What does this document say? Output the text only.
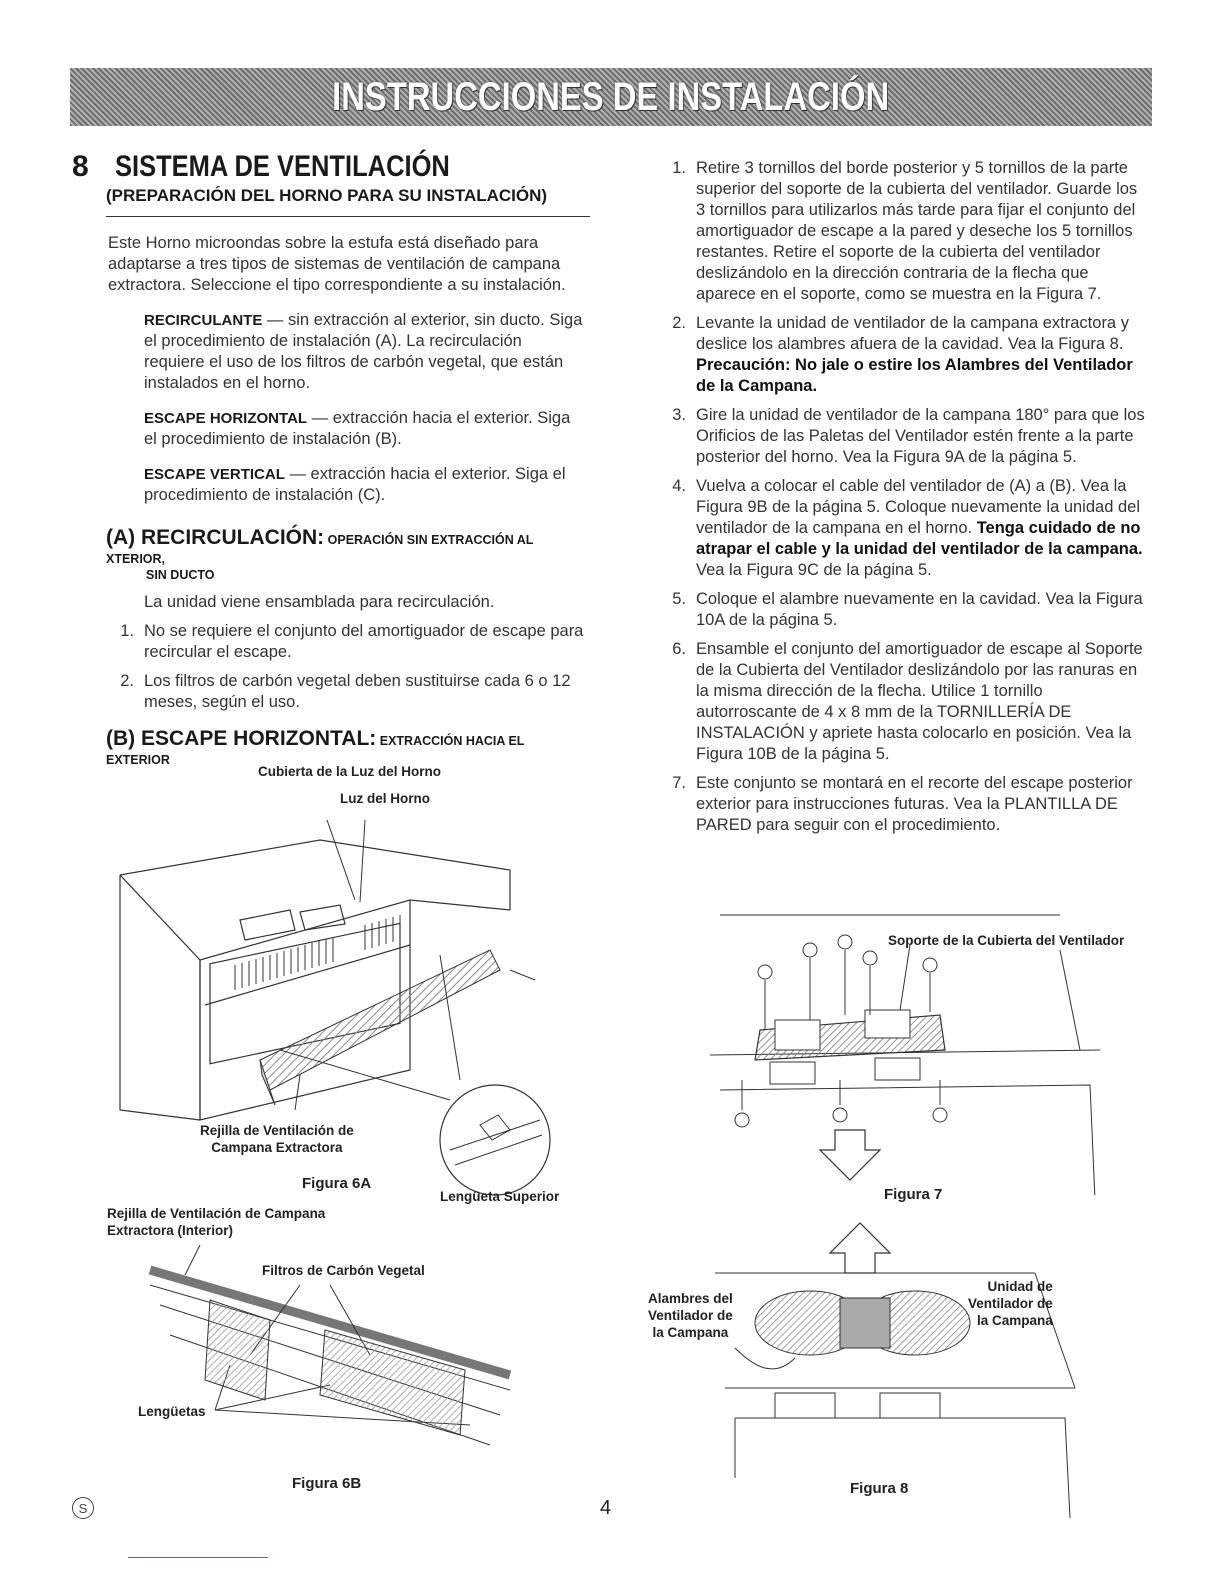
INSTRUCCIONES DE INSTALACIÓN
8 SISTEMA DE VENTILACIÓN
(PREPARACIÓN DEL HORNO PARA SU INSTALACIÓN)

Este Horno microondas sobre la estufa está diseñado para adaptarse a tres tipos de sistemas de ventilación de campana extractora. Seleccione el tipo correspondiente a su instalación.

RECIRCULANTE — sin extracción al exterior, sin ducto. Siga el procedimiento de instalación (A). La recirculación requiere el uso de los filtros de carbón vegetal, que están instalados en el horno.

ESCAPE HORIZONTAL — extracción hacia el exterior. Siga el procedimiento de instalación (B).

ESCAPE VERTICAL — extracción hacia el exterior. Siga el procedimiento de instalación (C).

(A) RECIRCULACIÓN: OPERACIÓN SIN EXTRACCIÓN AL XTERIOR,
SIN DUCTO

La unidad viene ensamblada para recirculación.

1. No se requiere el conjunto del amortiguador de escape para recircular el escape.
2. Los filtros de carbón vegetal deben sustituirse cada 6 o 12 meses, según el uso.
(B) ESCAPE HORIZONTAL: EXTRACCIÓN HACIA EL EXTERIOR
Cubierta de la Luz del Horno
Luz del Horno
Rejilla de Ventilación de
Campana Extractora
Lengüeta Superior
Figura 6A
Rejilla de Ventilación de Campana
Extractora (Interior)
Filtros de Carbón Vegetal
Lengüetas
Figura 6B
1. Retire 3 tornillos del borde posterior y 5 tornillos de la parte superior del soporte de la cubierta del ventilador. Guarde los 3 tornillos para utilizarlos más tarde para fijar el conjunto del amortiguador de escape a la pared y deseche los 5 tornillos restantes. Retire el soporte de la cubierta del ventilador deslizándolo en la dirección contraria de la flecha que aparece en el soporte, como se muestra en la Figura 7.
2. Levante la unidad de ventilador de la campana extractora y deslice los alambres afuera de la cavidad. Vea la Figura 8. Precaución: No jale o estire los Alambres del Ventilador de la Campana.
3. Gire la unidad de ventilador de la campana 180° para que los Orificios de las Paletas del Ventilador estén frente a la parte posterior del horno. Vea la Figura 9A de la página 5.
4. Vuelva a colocar el cable del ventilador de (A) a (B). Vea la Figura 9B de la página 5. Coloque nuevamente la unidad del ventilador de la campana en el horno. Tenga cuidado de no atrapar el cable y la unidad del ventilador de la campana. Vea la Figura 9C de la página 5.
5. Coloque el alambre nuevamente en la cavidad. Vea la Figura 10A de la página 5.
6. Ensamble el conjunto del amortiguador de escape al Soporte de la Cubierta del Ventilador deslizándolo por las ranuras en la misma dirección de la flecha. Utilice 1 tornillo autorroscante de 4 x 8 mm de la TORNILLERÍA DE INSTALACIÓN y apriete hasta colocarlo en posición. Vea la Figura 10B de la página 5.
7. Este conjunto se montará en el recorte del escape posterior exterior para instrucciones futuras. Vea la PLANTILLA DE PARED para seguir con el procedimiento.
Soporte de la Cubierta del Ventilador
Figura 7
Alambres del
Ventilador de
la Campana
Unidad de
Ventilador de
la Campana
Figura 8
S	4
